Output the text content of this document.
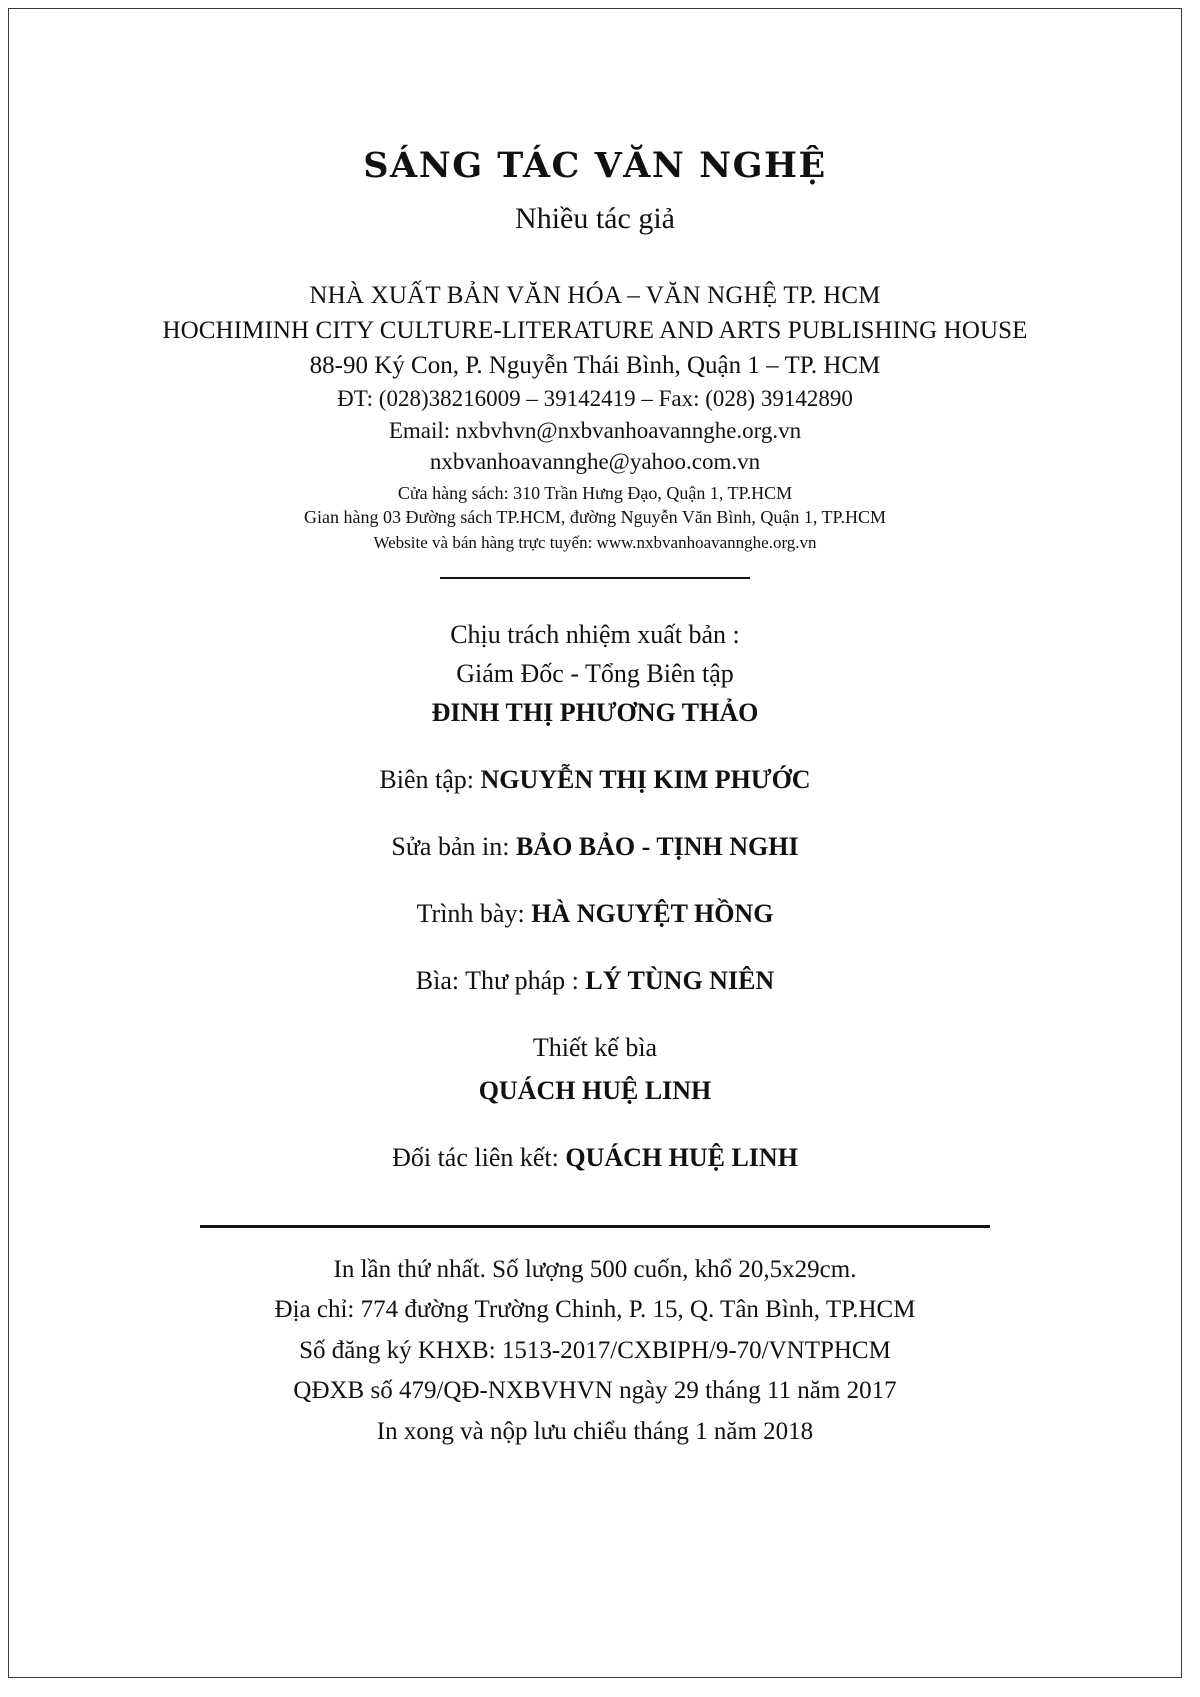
SÁNG TÁC VĂN NGHỆ
Nhiều tác giả
NHÀ XUẤT BẢN VĂN HÓA – VĂN NGHỆ TP. HCM
HOCHIMINH CITY CULTURE-LITERATURE AND ARTS PUBLISHING HOUSE
88-90 Ký Con, P. Nguyễn Thái Bình, Quận 1 – TP. HCM
ĐT: (028)38216009 – 39142419 – Fax: (028) 39142890
Email: nxbvhvn@nxbvanhoavannghe.org.vn
nxbvanhoavannghe@yahoo.com.vn
Cửa hàng sách: 310 Trần Hưng Đạo, Quận 1, TP.HCM
Gian hàng 03 Đường sách TP.HCM, đường Nguyễn Văn Bình, Quận 1, TP.HCM
Website và bán hàng trực tuyến: www.nxbvanhoavannghe.org.vn
Chịu trách nhiệm xuất bản :
Giám Đốc - Tổng Biên tập
ĐINH THỊ PHƯƠNG THẢO
Biên tập: NGUYỄN THỊ KIM PHƯỚC
Sửa bản in: BẢO BẢO - TỊNH NGHI
Trình bày: HÀ NGUYỆT HỒNG
Bìa: Thư pháp : LÝ TÙNG NIÊN
Thiết kế bìa
QUÁCH HUỆ LINH
Đối tác liên kết: QUÁCH HUỆ LINH
In lần thứ nhất. Số lượng 500 cuốn, khổ 20,5x29cm.
Địa chỉ: 774 đường Trường Chinh, P. 15, Q. Tân Bình, TP.HCM
Số đăng ký KHXB: 1513-2017/CXBIPH/9-70/VNTPHCM
QĐXB số 479/QĐ-NXBVHVN ngày 29 tháng 11 năm 2017
In xong và nộp lưu chiểu tháng 1 năm 2018
